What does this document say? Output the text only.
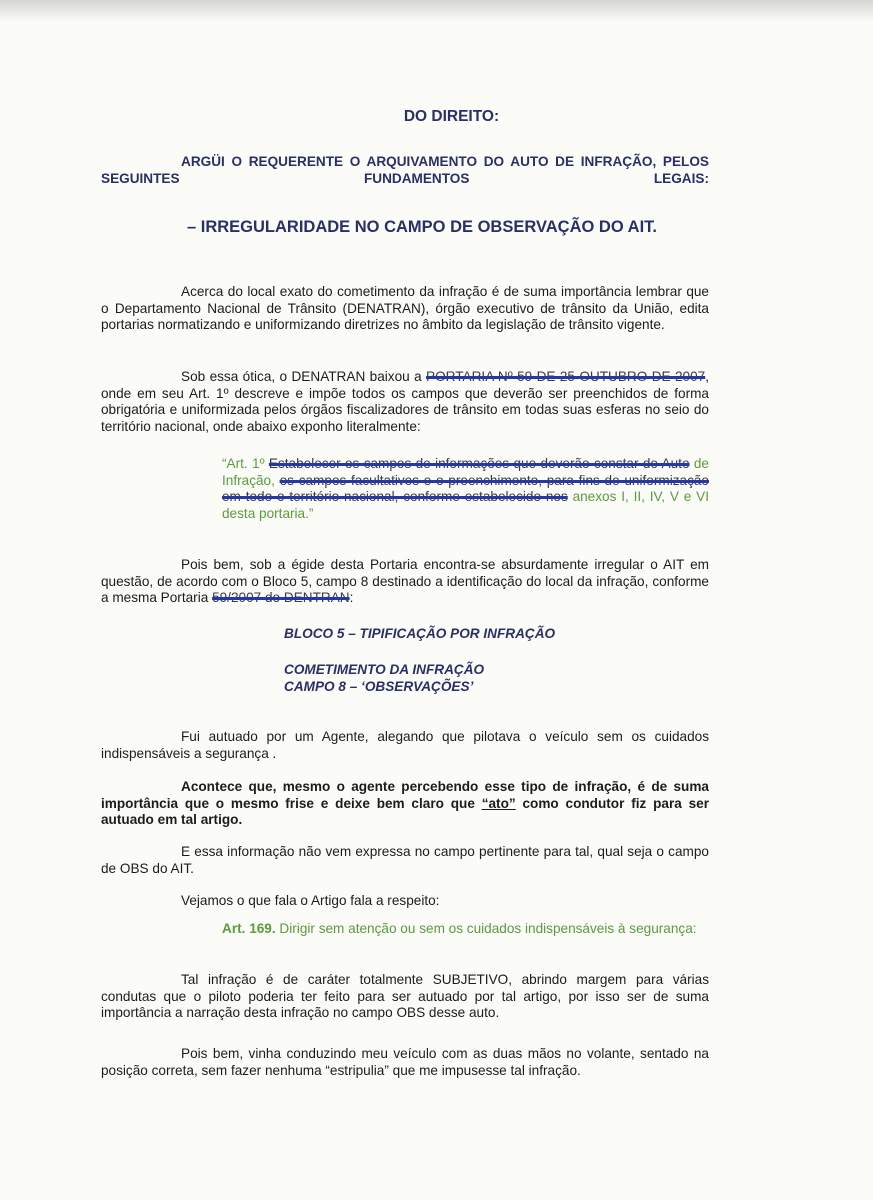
DO DIREITO:
ARGÜI O REQUERENTE O ARQUIVAMENTO DO AUTO DE INFRAÇÃO, PELOS SEGUINTES FUNDAMENTOS LEGAIS:
– IRREGULARIDADE NO CAMPO DE OBSERVAÇÃO DO AIT.
Acerca do local exato do cometimento da infração é de suma importância lembrar que o Departamento Nacional de Trânsito (DENATRAN), órgão executivo de trânsito da União, edita portarias normatizando e uniformizando diretrizes no âmbito da legislação de trânsito vigente.
Sob essa ótica, o DENATRAN baixou a PORTARIA Nº 59 DE 25 OUTUBRO DE 2007, onde em seu Art. 1º descreve e impõe todos os campos que deverão ser preenchidos de forma obrigatória e uniformizada pelos órgãos fiscalizadores de trânsito em todas suas esferas no seio do território nacional, onde abaixo exponho literalmente:
“Art. 1º Estabelecer os campos de informações que deverão constar do Auto de Infração, os campos facultativos e o preenchimento, para fins de uniformização em todo o território nacional, conforme estabelecido nos anexos I, II, IV, V e VI desta portaria.”
Pois bem, sob a égide desta Portaria encontra-se absurdamente irregular o AIT em questão, de acordo com o Bloco 5, campo 8 destinado a identificação do local da infração, conforme a mesma Portaria 59/2007 do DENTRAN:
BLOCO 5 – TIPIFICAÇÃO POR INFRAÇÃO
COMETIMENTO DA INFRAÇÃO
CAMPO 8 – ‘OBSERVAÇÕES’
Fui autuado por um Agente, alegando que pilotava o veículo sem os cuidados indispensáveis a segurança .
Acontece que, mesmo o agente percebendo esse tipo de infração, é de suma importância que o mesmo frise e deixe bem claro que “ato” como condutor fiz para ser autuado em tal artigo.
E essa informação não vem expressa no campo pertinente para tal, qual seja o campo de OBS do AIT.
Vejamos o que fala o Artigo fala a respeito:
Art. 169. Dirigir sem atenção ou sem os cuidados indispensáveis à segurança:
Tal infração é de caráter totalmente SUBJETIVO, abrindo margem para várias condutas que o piloto poderia ter feito para ser autuado por tal artigo, por isso ser de suma importância a narração desta infração no campo OBS desse auto.
Pois bem, vinha conduzindo meu veículo com as duas mãos no volante, sentado na posição correta, sem fazer nenhuma “estripulia” que me impusesse tal infração.
